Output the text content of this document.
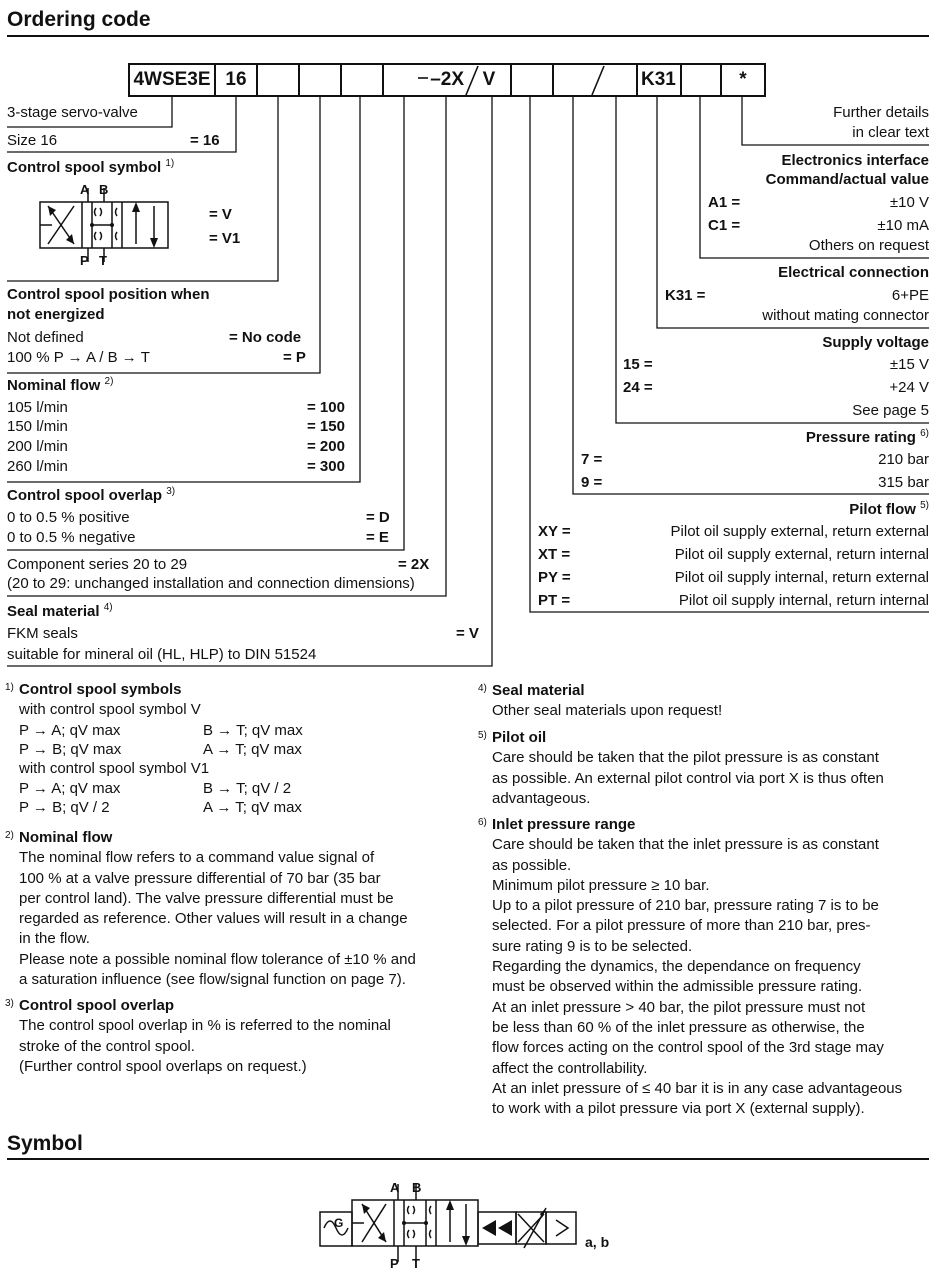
Ordering code
4WSE3E 16	–2X V	K31	*
3-stage servo-valve
Size 16	= 16
Control spool symbol $^{1)}$
A B
P T
= V
= V1
Control spool position when
not energized
Not defined	= No code
100 % P → A / B → T	= P
Nominal flow $^{2)}$
105 l/min	= 100
150 l/min	= 150
200 l/min	= 200
260 l/min	= 300
Control spool overlap $^{3)}$
0 to 0.5 % positive	= D
0 to 0.5 % negative	= E
Component series 20 to 29	= 2X
(20 to 29: unchanged installation and connection dimensions)
Seal material $^{4)}$
FKM seals	= V
suitable for mineral oil (HL, HLP) to DIN 51524
Further details
in clear text
Electronics interface
Command/actual value
A1 =	±10 V
C1 =	±10 mA
Others on request
Electrical connection
K31 =	6+PE
without mating connector
Supply voltage
15 =	±15 V
24 =	+24 V
See page 5
Pressure rating $^{6)}$
7 =	210 bar
9 =	315 bar
Pilot flow $^{5)}$
XY =	Pilot oil supply external, return external
XT =	Pilot oil supply external, return internal
PY =	Pilot oil supply internal, return external
PT =	Pilot oil supply internal, return internal
1) Control spool symbols
with control spool symbol V
P → A; qV max	B → T; qV max
P → B; qV max	A → T; qV max
with control spool symbol V1
P → A; qV max	B → T; qV / 2
P → B; qV / 2	A → T; qV max
2) Nominal flow
The nominal flow refers to a command value signal of
100 % at a valve pressure differential of 70 bar (35 bar
per control land). The valve pressure differential must be
regarded as reference. Other values will result in a change
in the flow.
Please note a possible nominal flow tolerance of ±10 % and
a saturation influence (see flow/signal function on page 7).
3) Control spool overlap
The control spool overlap in % is referred to the nominal
stroke of the control spool.
(Further control spool overlaps on request.)
4) Seal material
Other seal materials upon request!
5) Pilot oil
Care should be taken that the pilot pressure is as constant
as possible. An external pilot control via port X is thus often
advantageous.
6) Inlet pressure range
Care should be taken that the inlet pressure is as constant
as possible.
Minimum pilot pressure ≥ 10 bar.
Up to a pilot pressure of 210 bar, pressure rating 7 is to be
selected. For a pilot pressure of more than 210 bar, pres-
sure rating 9 is to be selected.
Regarding the dynamics, the dependance on frequency
must be observed within the admissible pressure rating.
At an inlet pressure > 40 bar, the pilot pressure must not
be less than 60 % of the inlet pressure as otherwise, the
flow forces acting on the control spool of the 3rd stage may
affect the controllability.
At an inlet pressure of ≤ 40 bar it is in any case advantageous
to work with a pilot pressure via port X (external supply).
Symbol
G
A B
P T
a, b
